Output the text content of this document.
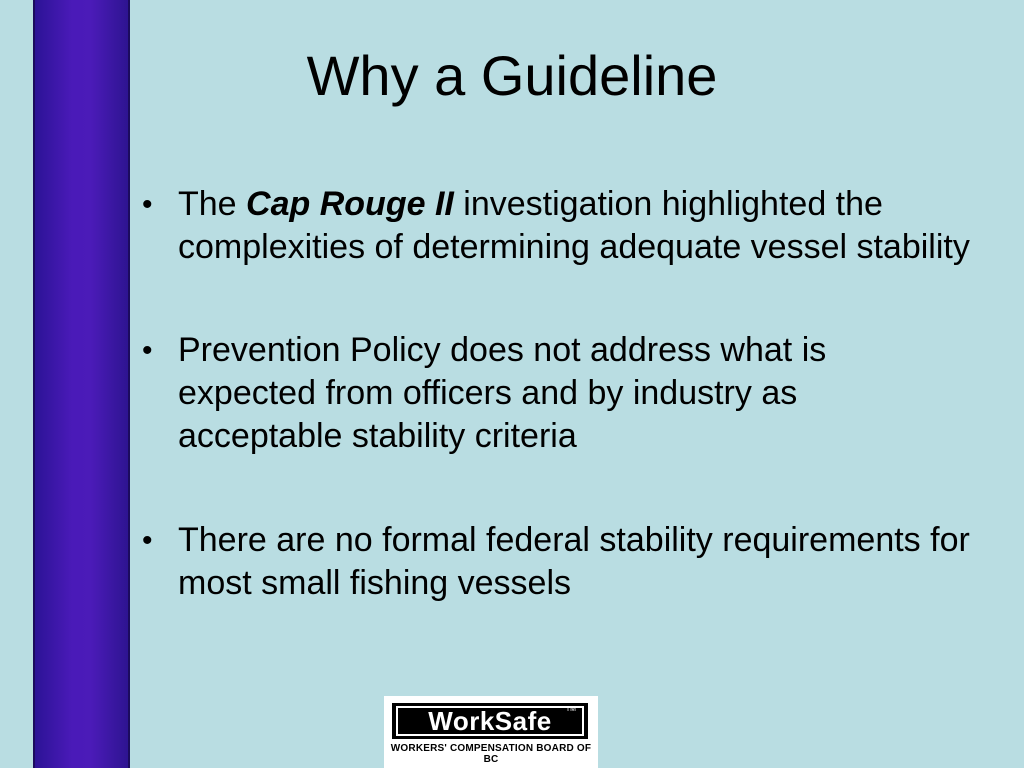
Why a Guideline
• The Cap Rouge II investigation highlighted the complexities of determining adequate vessel stability
• Prevention Policy does not address what is expected from officers and by industry as acceptable stability criteria
• There are no formal federal stability requirements for most small fishing vessels
WorkSafe	TM
WORKERS' COMPENSATION BOARD OF BC
